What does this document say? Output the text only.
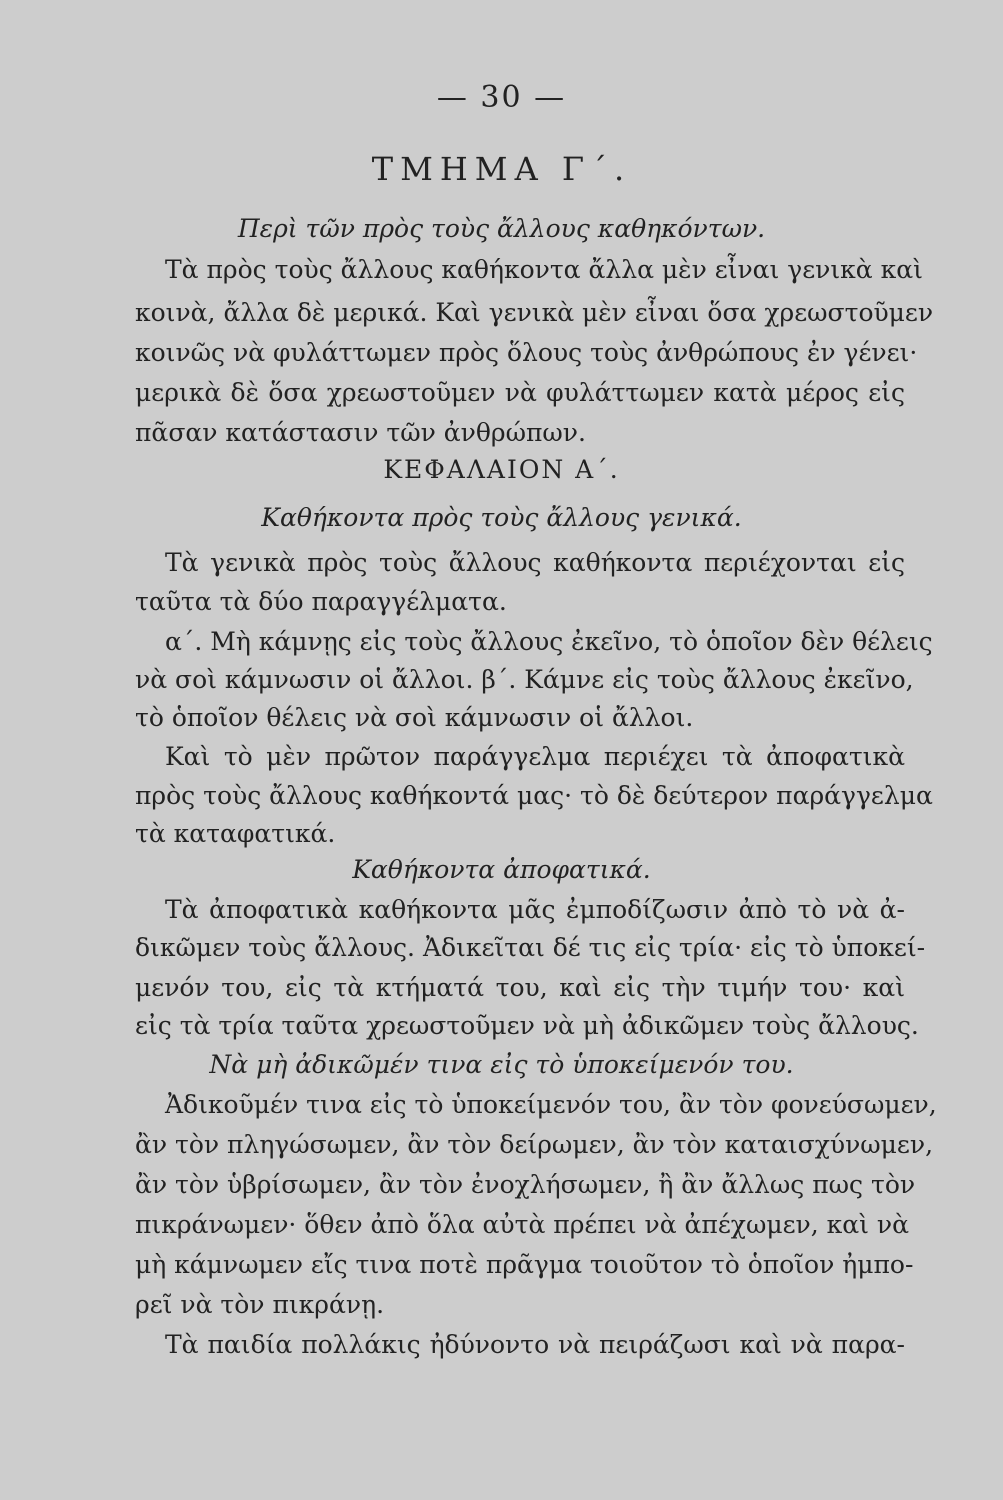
— 30 —
ΤΜΗΜΑ Γ΄.
Περὶ τῶν πρὸς τοὺς ἄλλους καθηκόντων.
Τὰ πρὸς τοὺς ἄλλους καθήκοντα ἄλλα μὲν εἶναι γενικὰ καὶ
κοινὰ, ἄλλα δὲ μερικά. Καὶ γενικὰ μὲν εἶναι ὅσα χρεωστοῦμεν
κοινῶς νὰ φυλάττωμεν πρὸς ὅλους τοὺς ἀνθρώπους ἐν γένει·
μερικὰ δὲ ὅσα χρεωστοῦμεν νὰ φυλάττωμεν κατὰ μέρος εἰς
πᾶσαν κατάστασιν τῶν ἀνθρώπων.
ΚΕΦΑΛΑΙΟΝ Α΄.
Καθήκοντα πρὸς τοὺς ἄλλους γενικά.
Τὰ γενικὰ πρὸς τοὺς ἄλλους καθήκοντα περιέχονται εἰς
ταῦτα τὰ δύο παραγγέλματα.
α΄. Μὴ κάμνῃς εἰς τοὺς ἄλλους ἐκεῖνο, τὸ ὁποῖον δὲν θέλεις
νὰ σοὶ κάμνωσιν οἱ ἄλλοι. β΄. Κάμνε εἰς τοὺς ἄλλους ἐκεῖνο,
τὸ ὁποῖον θέλεις νὰ σοὶ κάμνωσιν οἱ ἄλλοι.
Καὶ τὸ μὲν πρῶτον παράγγελμα περιέχει τὰ ἀποφατικὰ
πρὸς τοὺς ἄλλους καθήκοντά μας· τὸ δὲ δεύτερον παράγγελμα
τὰ καταφατικά.
Καθήκοντα ἀποφατικά.
Τὰ ἀποφατικὰ καθήκοντα μᾶς ἐμποδίζωσιν ἀπὸ τὸ νὰ ἀ-
δικῶμεν τοὺς ἄλλους. Ἀδικεῖται δέ τις εἰς τρία· εἰς τὸ ὑποκεί-
μενόν του, εἰς τὰ κτήματά του, καὶ εἰς τὴν τιμήν του· καὶ
εἰς τὰ τρία ταῦτα χρεωστοῦμεν νὰ μὴ ἀδικῶμεν τοὺς ἄλλους.
Νὰ μὴ ἀδικῶμέν τινα εἰς τὸ ὑποκείμενόν του.
Ἀδικοῦμέν τινα εἰς τὸ ὑποκείμενόν του, ἂν τὸν φονεύσωμεν,
ἂν τὸν πληγώσωμεν, ἂν τὸν δείρωμεν, ἂν τὸν καταισχύνωμεν,
ἂν τὸν ὑβρίσωμεν, ἂν τὸν ἐνοχλήσωμεν, ἢ ἂν ἄλλως πως τὸν
πικράνωμεν· ὅθεν ἀπὸ ὅλα αὐτὰ πρέπει νὰ ἀπέχωμεν, καὶ νὰ
μὴ κάμνωμεν εἴς τινα ποτὲ πρᾶγμα τοιοῦτον τὸ ὁποῖον ἠμπο-
ρεῖ νὰ τὸν πικράνῃ.
Τὰ παιδία πολλάκις ἠδύνοντο νὰ πειράζωσι καὶ νὰ παρα-
